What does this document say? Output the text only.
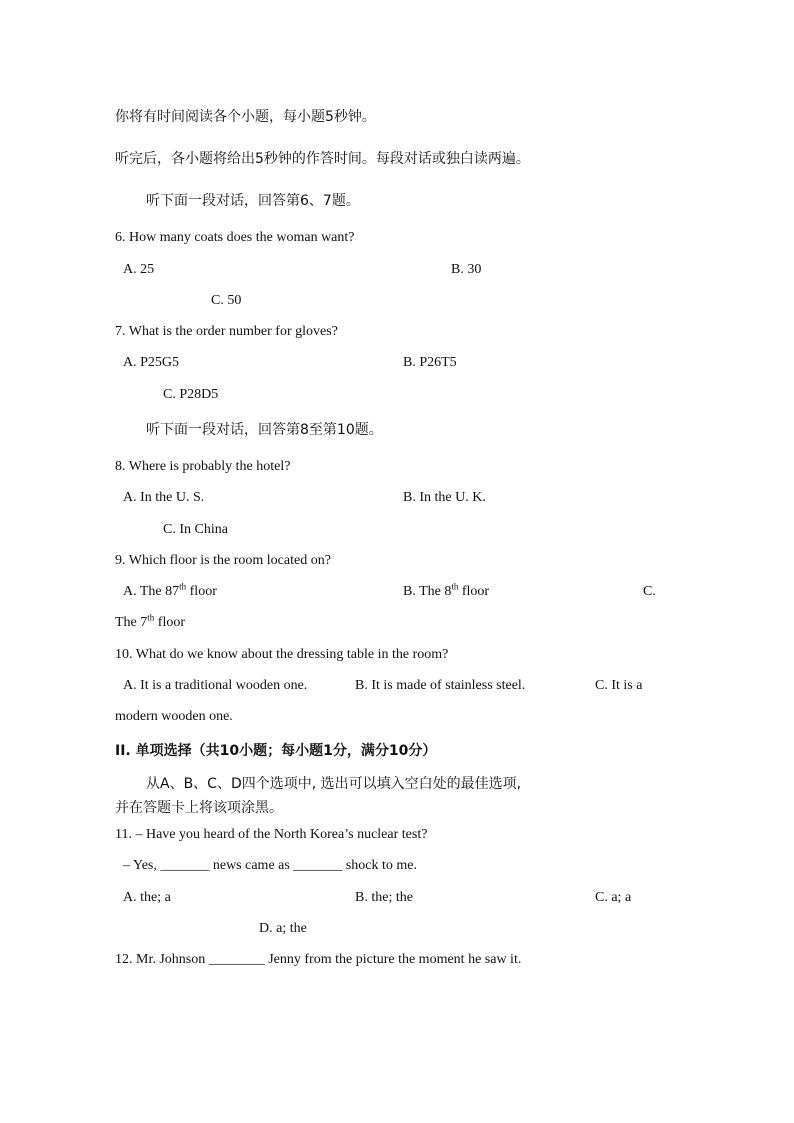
你将有时间阅读各个小题，每小题5秒钟。
听完后，各小题将给出5秒钟的作答时间。每段对话或独白读两遍。
听下面一段对话，回答第6、7题。
6. How many coats does the woman want?
A. 25	B. 30
C. 50
7. What is the order number for gloves?
A. P25G5	B. P26T5
C. P28D5
听下面一段对话，回答第8至第10题。
8. Where is probably the hotel?
A. In the U. S.	B. In the U. K.
C. In China
9. Which floor is the room located on?
A. The 87th floor	B. The 8th floor	C.
The 7th floor
10. What do we know about the dressing table in the room?
A. It is a traditional wooden one.	B. It is made of stainless steel.	C. It is a
modern wooden one.
II. 单项选择（共10小题；每小题1分，满分10分）
从A、B、C、D四个选项中, 选出可以填入空白处的最佳选项,
并在答题卡上将该项涂黑。
11. – Have you heard of the North Korea’s nuclear test?
– Yes, _______ news came as _______ shock to me.
A. the; a	B. the; the	C. a; a
D. a; the
12. Mr. Johnson ________ Jenny from the picture the moment he saw it.
